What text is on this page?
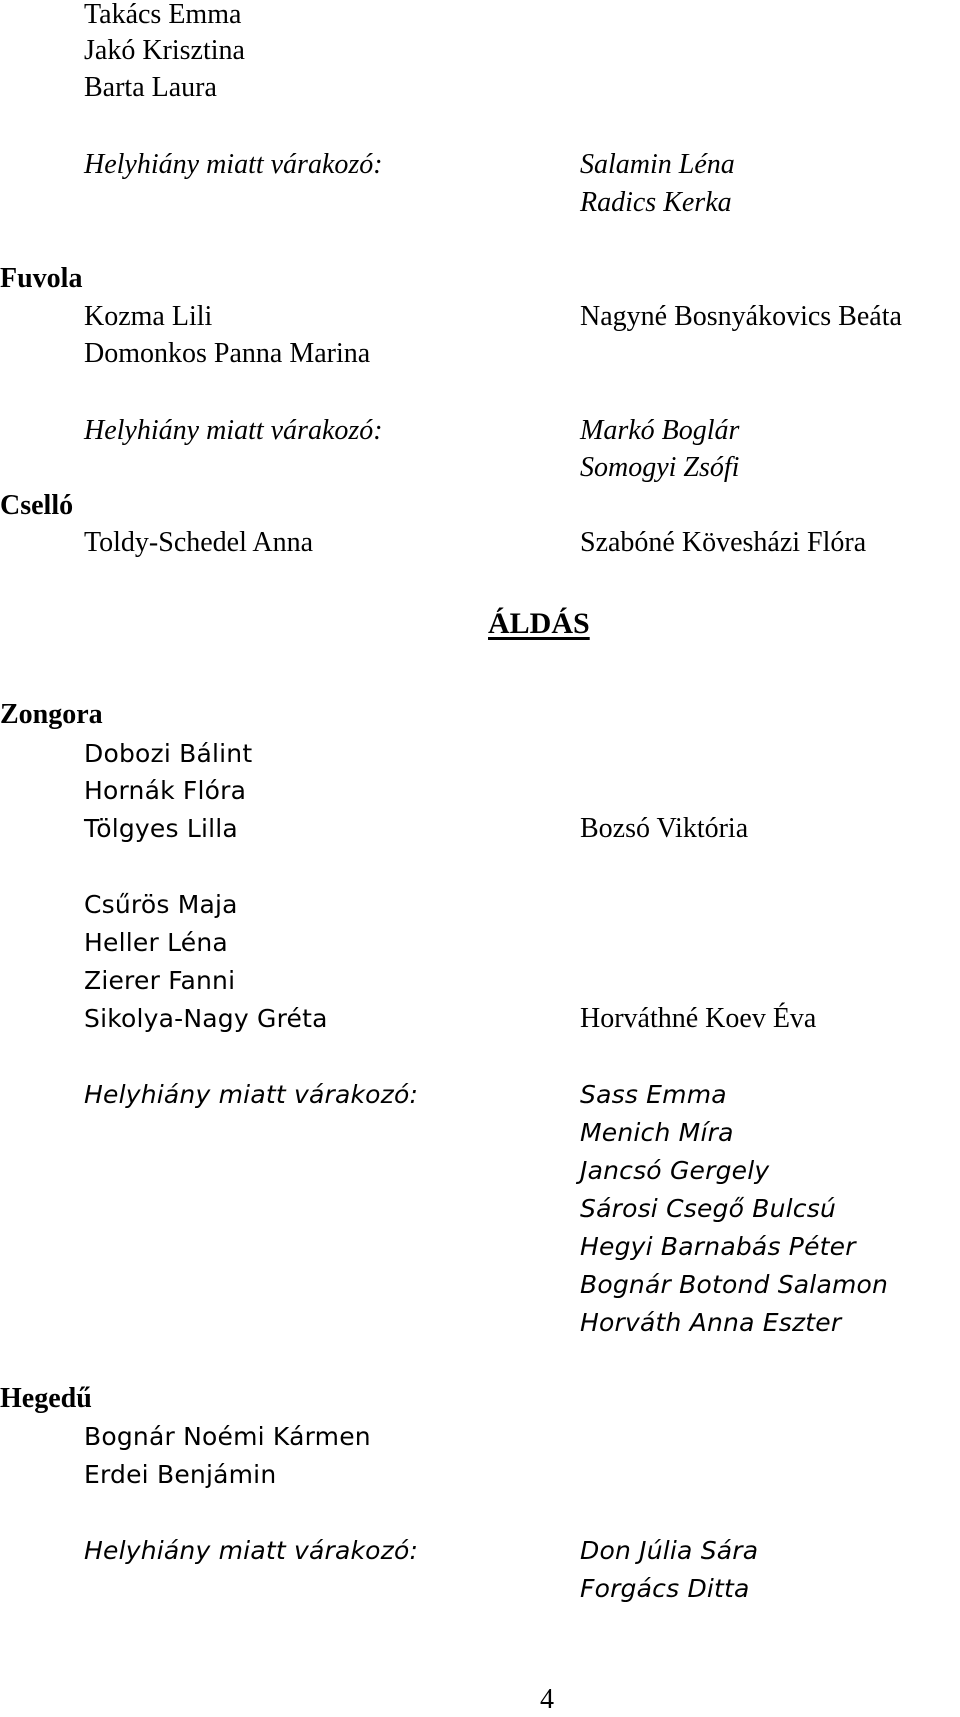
Takács Emma
Jakó Krisztina
Barta Laura
Helyhiány miatt várakozó:	Salamin Léna
Radics Kerka
Fuvola
Kozma Lili	Nagyné Bosnyákovics Beáta
Domonkos Panna Marina
Helyhiány miatt várakozó:	Markó Boglár
Somogyi Zsófi
Cselló
Toldy-Schedel Anna	Szabóné Kövesházi Flóra
ÁLDÁS
Zongora
Dobozi Bálint
Hornák Flóra
Tölgyes Lilla	Bozsó Viktória
Csűrös Maja
Heller Léna
Zierer Fanni
Sikolya-Nagy Gréta	Horváthné Koev Éva
Helyhiány miatt várakozó:	Sass Emma
Menich Míra
Jancsó Gergely
Sárosi Csegő Bulcsú
Hegyi Barnabás Péter
Bognár Botond Salamon
Horváth Anna Eszter
Hegedű
Bognár Noémi Kármen
Erdei Benjámin
Helyhiány miatt várakozó:	Don Júlia Sára
Forgács Ditta
4
